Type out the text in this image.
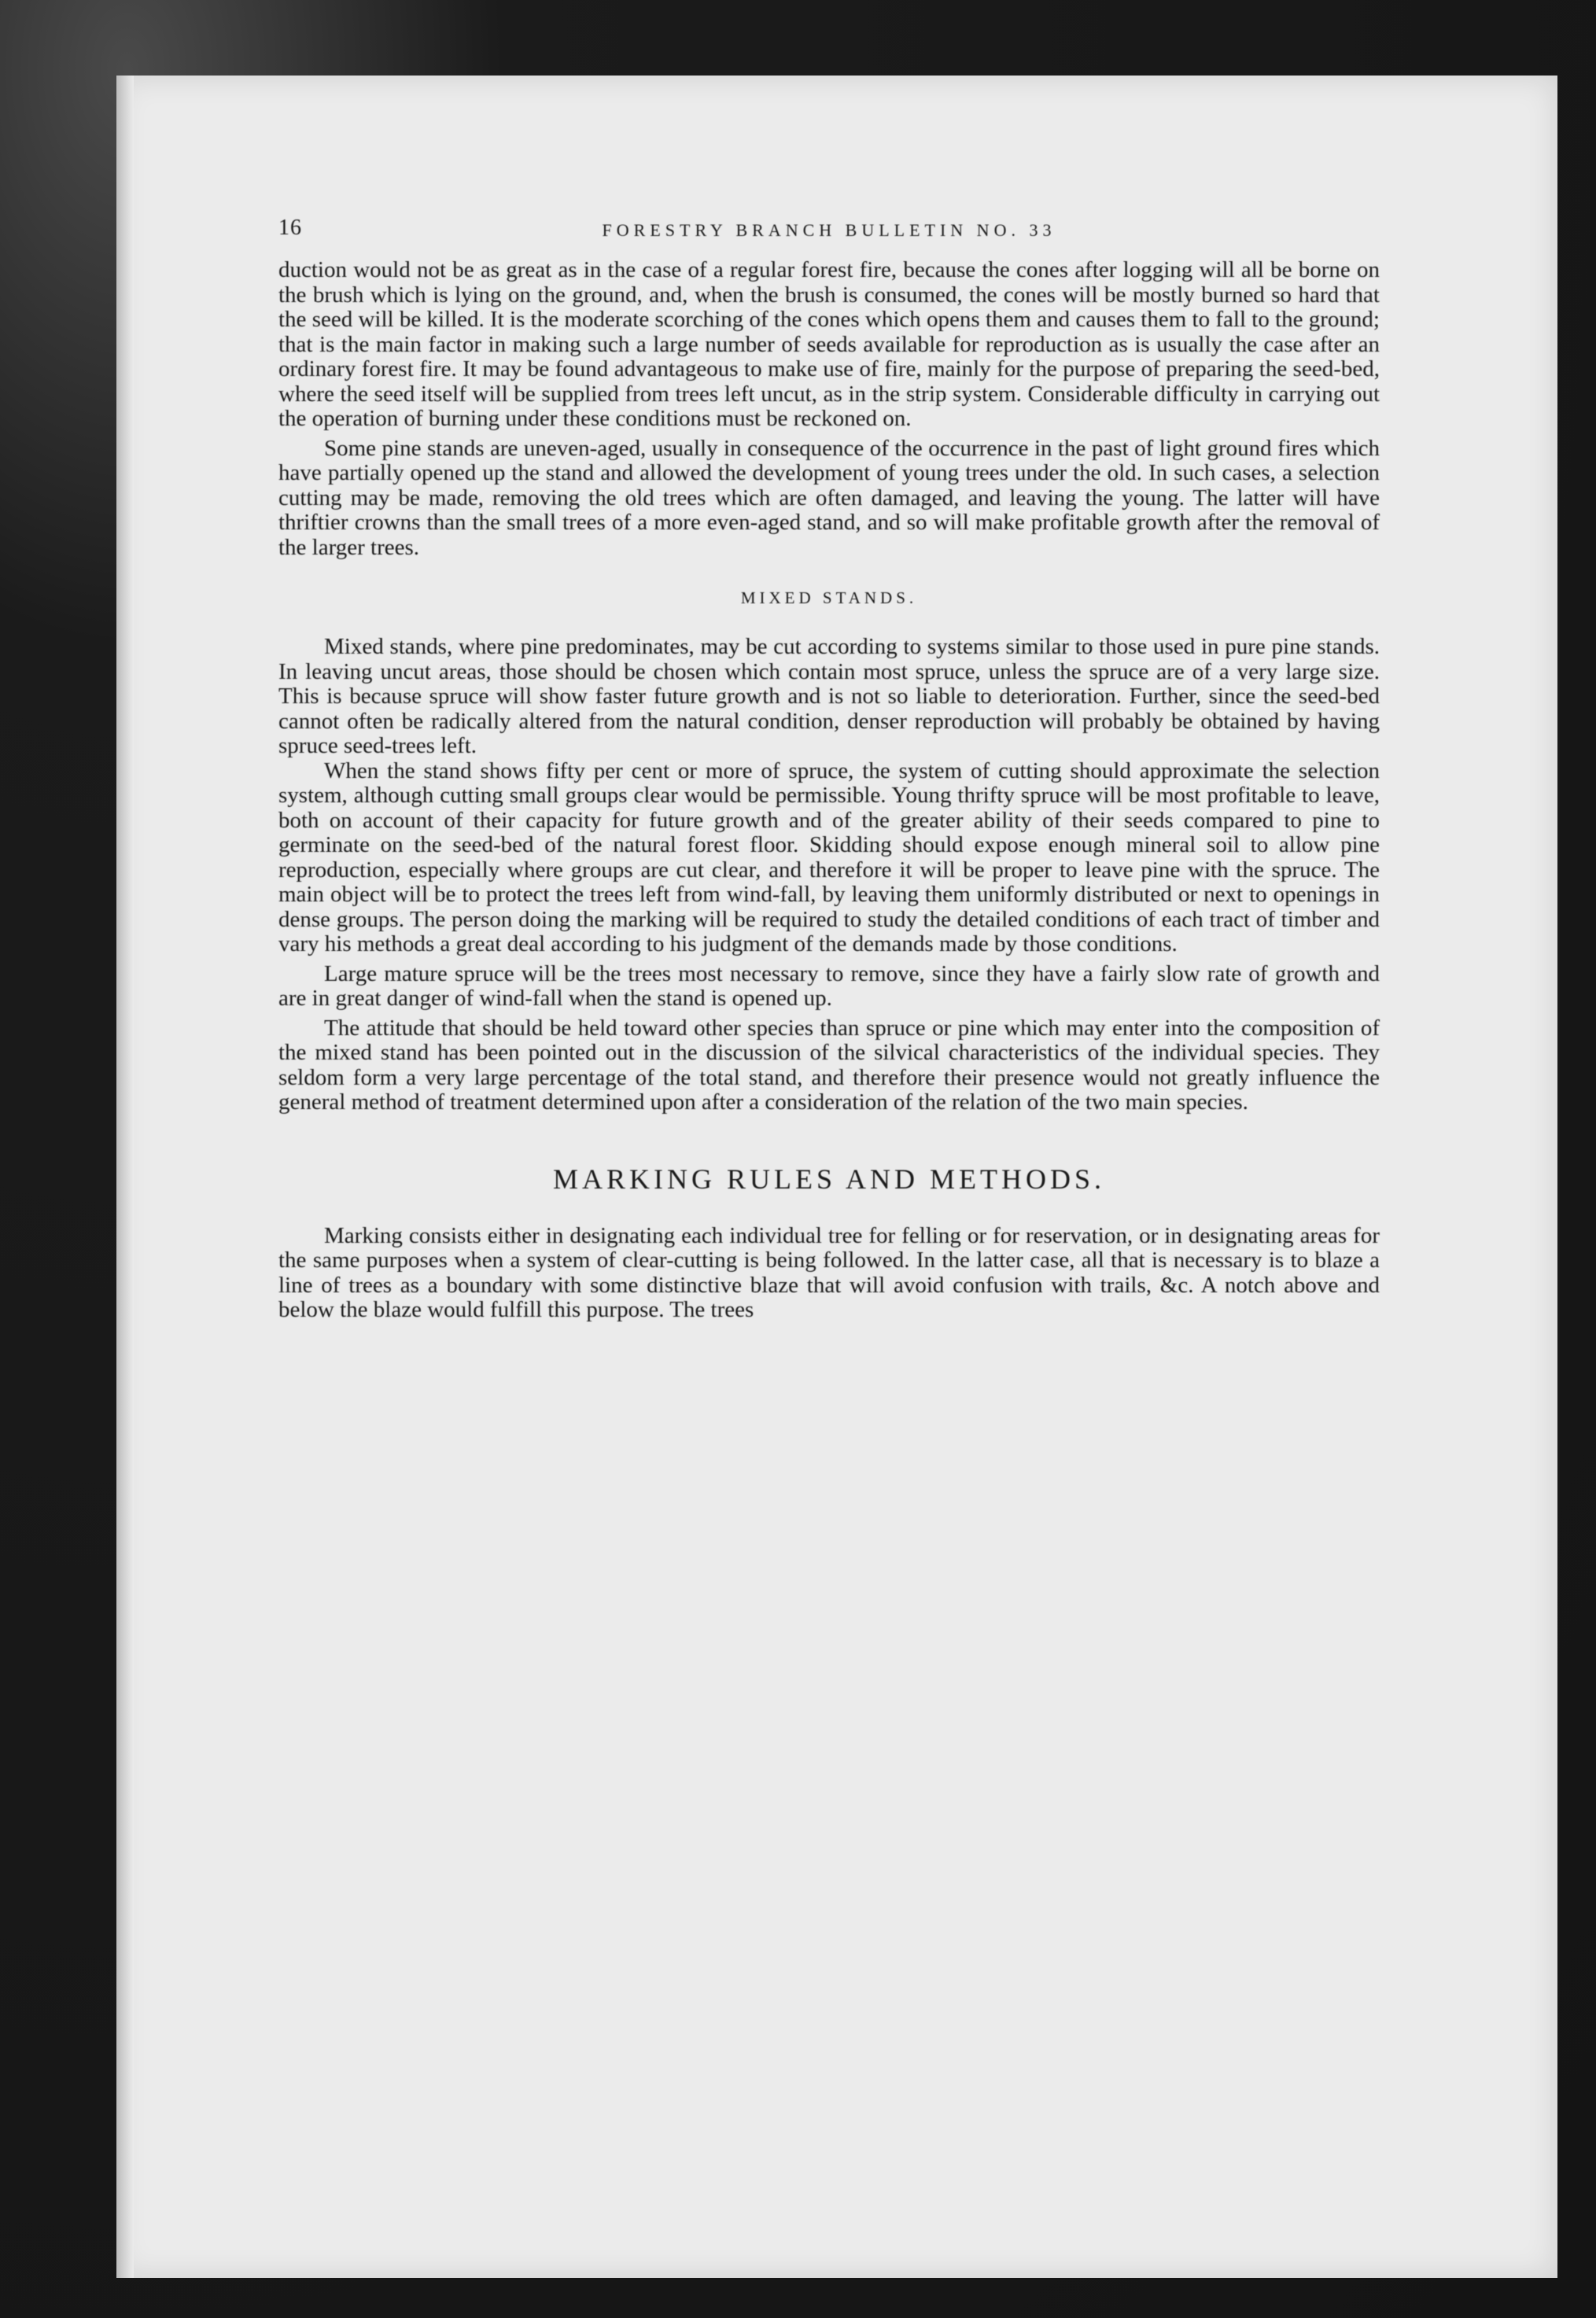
16	FORESTRY BRANCH BULLETIN NO. 33

duction would not be as great as in the case of a regular forest fire, because the cones after logging will all be borne on the brush which is lying on the ground, and, when the brush is consumed, the cones will be mostly burned so hard that the seed will be killed. It is the moderate scorching of the cones which opens them and causes them to fall to the ground; that is the main factor in making such a large number of seeds available for reproduction as is usually the case after an ordinary forest fire. It may be found advantageous to make use of fire, mainly for the purpose of preparing the seed-bed, where the seed itself will be supplied from trees left uncut, as in the strip system. Considerable difficulty in carrying out the operation of burning under these conditions must be reckoned on.

Some pine stands are uneven-aged, usually in consequence of the occurrence in the past of light ground fires which have partially opened up the stand and allowed the development of young trees under the old. In such cases, a selection cutting may be made, removing the old trees which are often damaged, and leaving the young. The latter will have thriftier crowns than the small trees of a more even-aged stand, and so will make profitable growth after the removal of the larger trees.

MIXED STANDS.

Mixed stands, where pine predominates, may be cut according to systems similar to those used in pure pine stands. In leaving uncut areas, those should be chosen which contain most spruce, unless the spruce are of a very large size. This is because spruce will show faster future growth and is not so liable to deterioration. Further, since the seed-bed cannot often be radically altered from the natural condition, denser reproduction will probably be obtained by having spruce seed-trees left.

When the stand shows fifty per cent or more of spruce, the system of cutting should approximate the selection system, although cutting small groups clear would be permissible. Young thrifty spruce will be most profitable to leave, both on account of their capacity for future growth and of the greater ability of their seeds compared to pine to germinate on the seed-bed of the natural forest floor. Skidding should expose enough mineral soil to allow pine reproduction, especially where groups are cut clear, and therefore it will be proper to leave pine with the spruce. The main object will be to protect the trees left from wind-fall, by leaving them uniformly distributed or next to openings in dense groups. The person doing the marking will be required to study the detailed conditions of each tract of timber and vary his methods a great deal according to his judgment of the demands made by those conditions.

Large mature spruce will be the trees most necessary to remove, since they have a fairly slow rate of growth and are in great danger of wind-fall when the stand is opened up.

The attitude that should be held toward other species than spruce or pine which may enter into the composition of the mixed stand has been pointed out in the discussion of the silvical characteristics of the individual species. They seldom form a very large percentage of the total stand, and therefore their presence would not greatly influence the general method of treatment determined upon after a consideration of the relation of the two main species.

MARKING RULES AND METHODS.

Marking consists either in designating each individual tree for felling or for reservation, or in designating areas for the same purposes when a system of clear-cutting is being followed. In the latter case, all that is necessary is to blaze a line of trees as a boundary with some distinctive blaze that will avoid confusion with trails, &c. A notch above and below the blaze would fulfill this purpose. The trees
